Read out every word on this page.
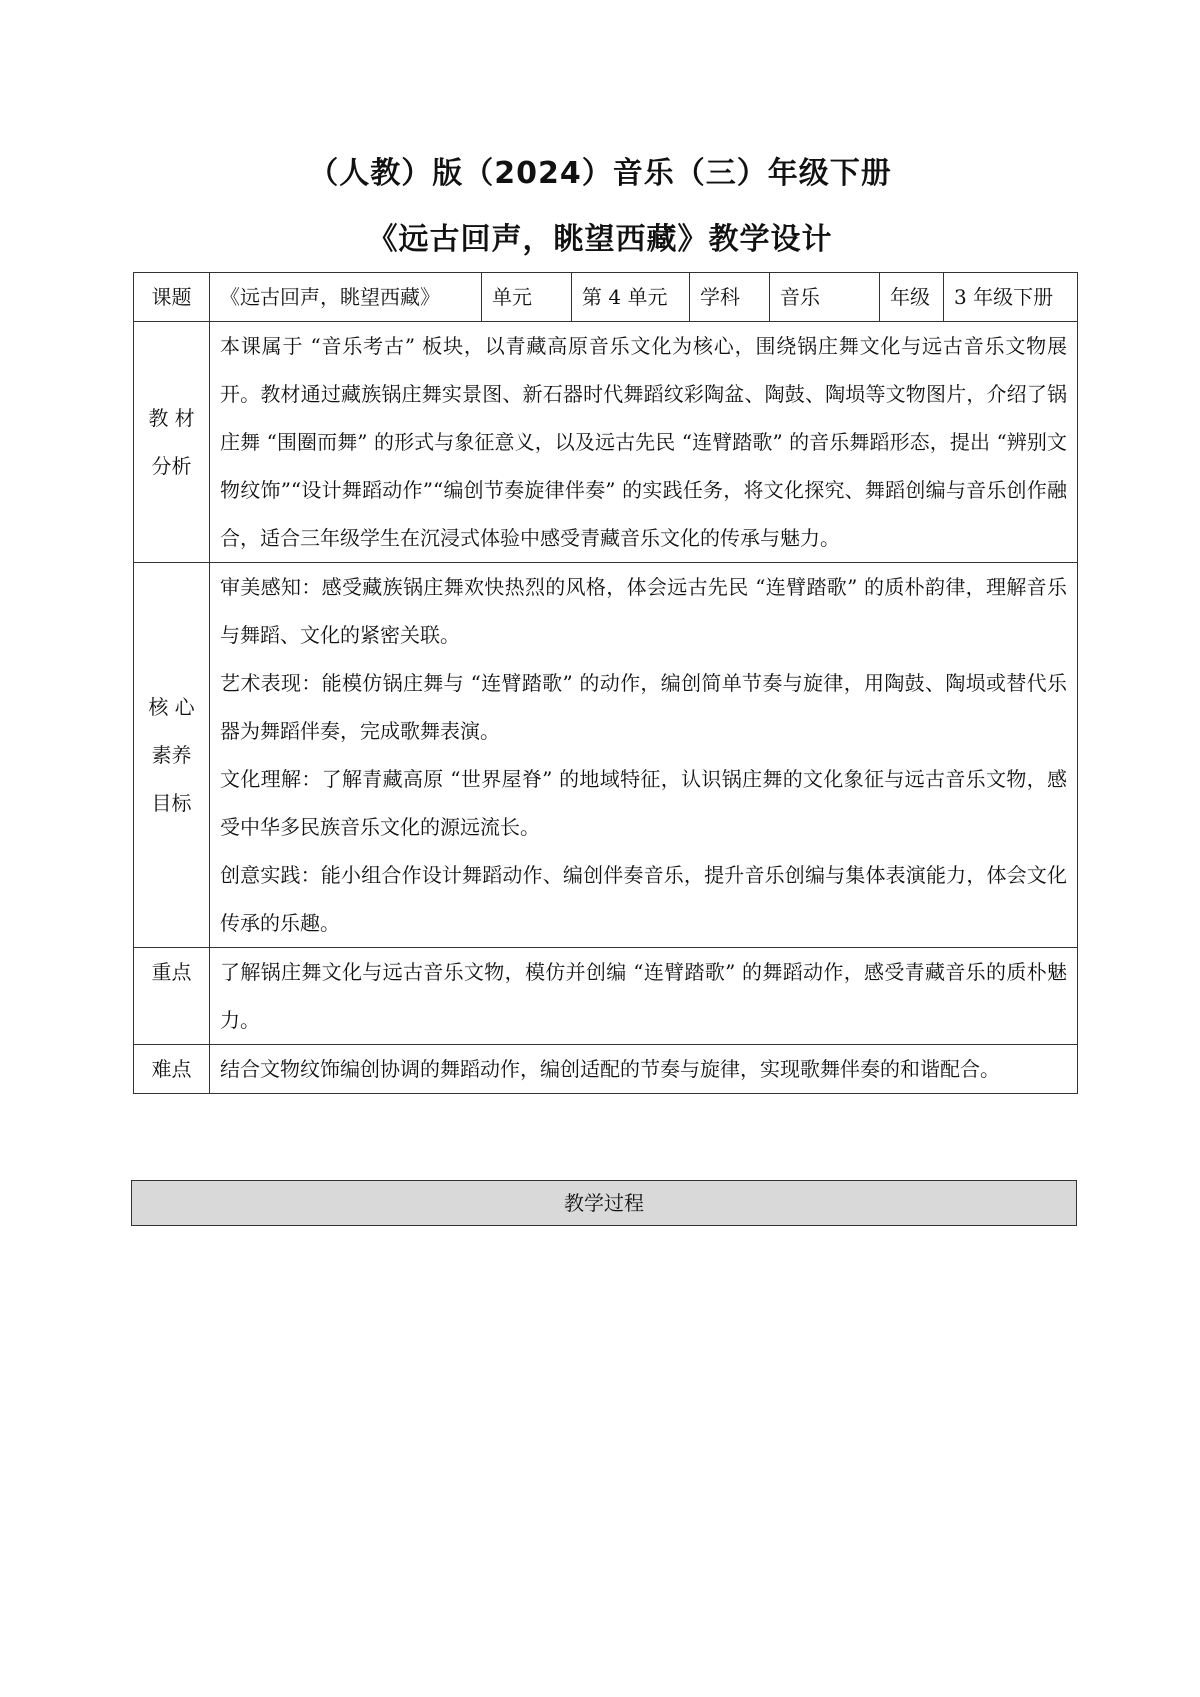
（人教）版（2024）音乐（三）年级下册
《远古回声，眺望西藏》教学设计
课题	《远古回声，眺望西藏》	单元	第 4 单元	学科	音乐	年级	3 年级下册
教 材 分析	本课属于 “音乐考古” 板块，以青藏高原音乐文化为核心，围绕锅庄舞文化与远古音乐文物展开。教材通过藏族锅庄舞实景图、新石器时代舞蹈纹彩陶盆、陶鼓、陶埙等文物图片，介绍了锅庄舞 “围圈而舞” 的形式与象征意义，以及远古先民 “连臂踏歌” 的音乐舞蹈形态，提出 “辨别文物纹饰”“设计舞蹈动作”“编创节奏旋律伴奏” 的实践任务，将文化探究、舞蹈创编与音乐创作融合，适合三年级学生在沉浸式体验中感受青藏音乐文化的传承与魅力。						
核 心 素养 目标	审美感知：感受藏族锅庄舞欢快热烈的风格，体会远古先民 “连臂踏歌” 的质朴韵律，理解音乐与舞蹈、文化的紧密关联。
艺术表现：能模仿锅庄舞与 “连臂踏歌” 的动作，编创简单节奏与旋律，用陶鼓、陶埙或替代乐器为舞蹈伴奏，完成歌舞表演。
文化理解：了解青藏高原 “世界屋脊” 的地域特征，认识锅庄舞的文化象征与远古音乐文物，感受中华多民族音乐文化的源远流长。
创意实践：能小组合作设计舞蹈动作、编创伴奏音乐，提升音乐创编与集体表演能力，体会文化传承的乐趣。						

重点	了解锅庄舞文化与远古音乐文物，模仿并创编 “连臂踏歌” 的舞蹈动作，感受青藏音乐的质朴魅力。						
难点	结合文物纹饰编创协调的舞蹈动作，编创适配的节奏与旋律，实现歌舞伴奏的和谐配合。						
教学过程
